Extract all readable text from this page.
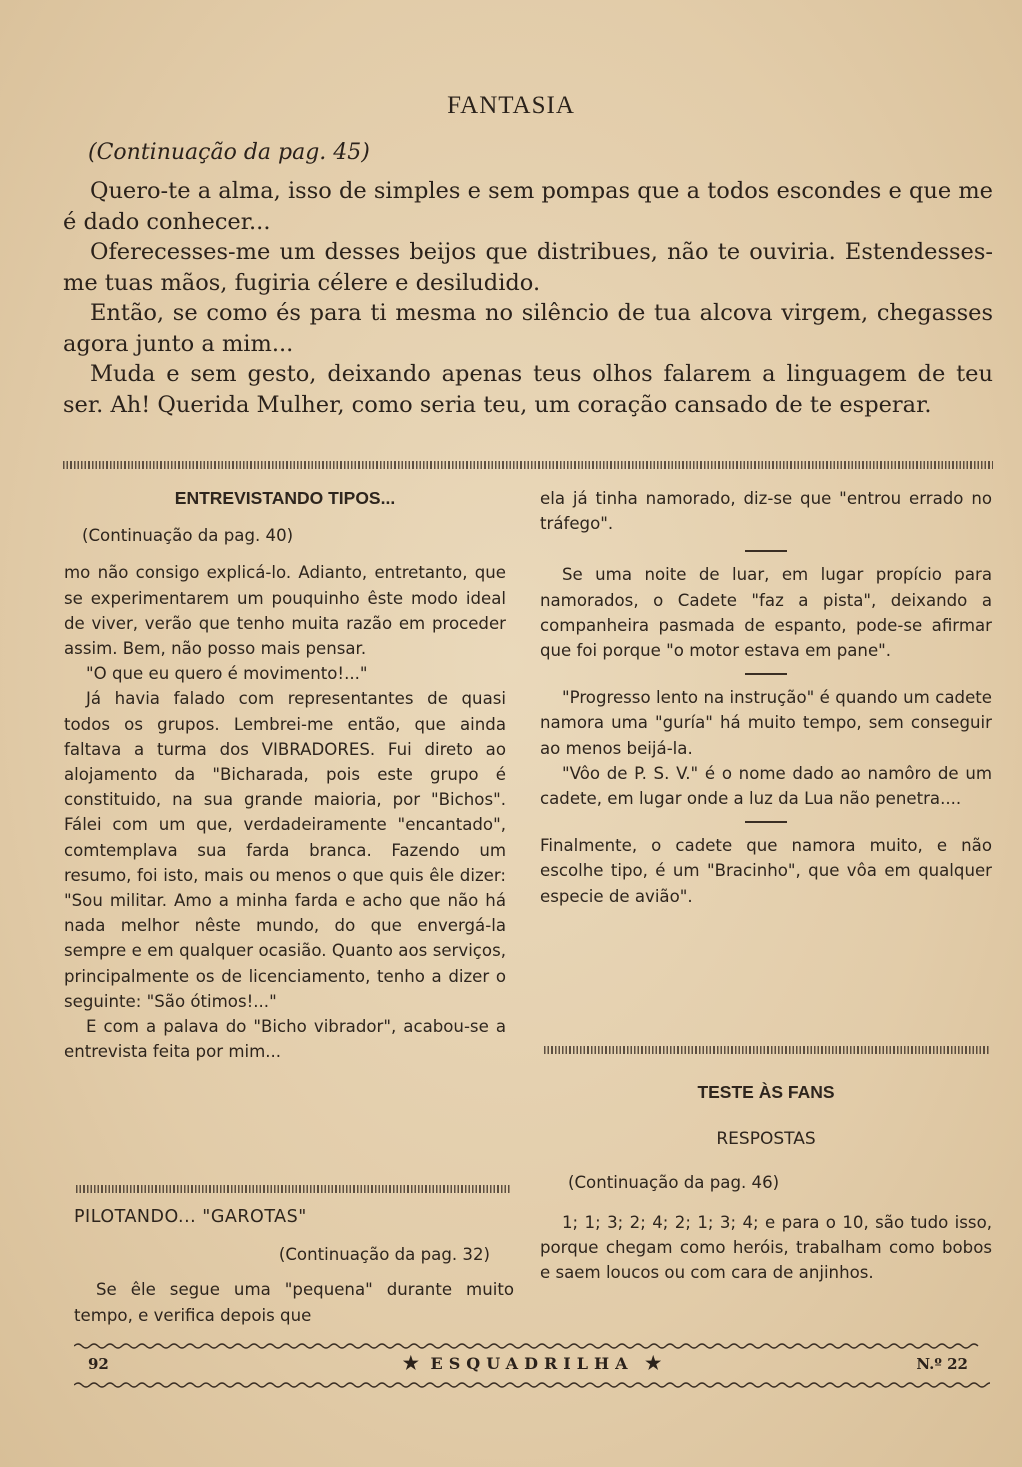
FANTASIA
(Continuação da pag. 45)

Quero-te a alma, isso de simples e sem pompas que a todos escondes e que me é dado conhecer...

Oferecesses-me um desses beijos que distribues, não te ouviria. Estendesses-me tuas mãos, fugiria célere e desiludido.

Então, se como és para ti mesma no silêncio de tua alcova virgem, chegasses agora junto a mim...

Muda e sem gesto, deixando apenas teus olhos falarem a linguagem de teu ser. Ah! Querida Mulher, como seria teu, um coração cansado de te esperar.

ENTREVISTANDO TIPOS...

(Continuação da pag. 40)

mo não consigo explicá-lo. Adianto, entretanto, que se experimentarem um pouquinho êste modo ideal de viver, verão que tenho muita razão em proceder assim. Bem, não posso mais pensar.

"O que eu quero é movimento!..."

Já havia falado com representantes de quasi todos os grupos. Lembrei-me então, que ainda faltava a turma dos VIBRADORES. Fui direto ao alojamento da "Bicharada, pois este grupo é constituido, na sua grande maioria, por "Bichos". Fálei com um que, verdadeiramente "encantado", comtemplava sua farda branca. Fazendo um resumo, foi isto, mais ou menos o que quis êle dizer: "Sou militar. Amo a minha farda e acho que não há nada melhor nêste mundo, do que envergá-la sempre e em qualquer ocasião. Quanto aos serviços, principalmente os de licenciamento, tenho a dizer o seguinte: "São ótimos!..."

E com a palava do "Bicho vibrador", acabou-se a entrevista feita por mim...

PILOTANDO... "GAROTAS"

(Continuação da pag. 32)

Se êle segue uma "pequena" durante muito tempo, e verifica depois que

ela já tinha namorado, diz-se que "entrou errado no tráfego".

Se uma noite de luar, em lugar propício para namorados, o Cadete "faz a pista", deixando a companheira pasmada de espanto, pode-se afirmar que foi porque "o motor estava em pane".

"Progresso lento na instrução" é quando um cadete namora uma "guría" há muito tempo, sem conseguir ao menos beijá-la.

"Vôo de P. S. V." é o nome dado ao namôro de um cadete, em lugar onde a luz da Lua não penetra....

Finalmente, o cadete que namora muito, e não escolhe tipo, é um "Bracinho", que vôa em qualquer especie de avião".

TESTE ÀS FANS

RESPOSTAS

(Continuação da pag. 46)

1; 1; 3; 2; 4; 2; 1; 3; 4; e para o 10, são tudo isso, porque chegam como heróis, trabalham como bobos e saem loucos ou com cara de anjinhos.

92	★ ESQUADRILHA ★	N.º 22
